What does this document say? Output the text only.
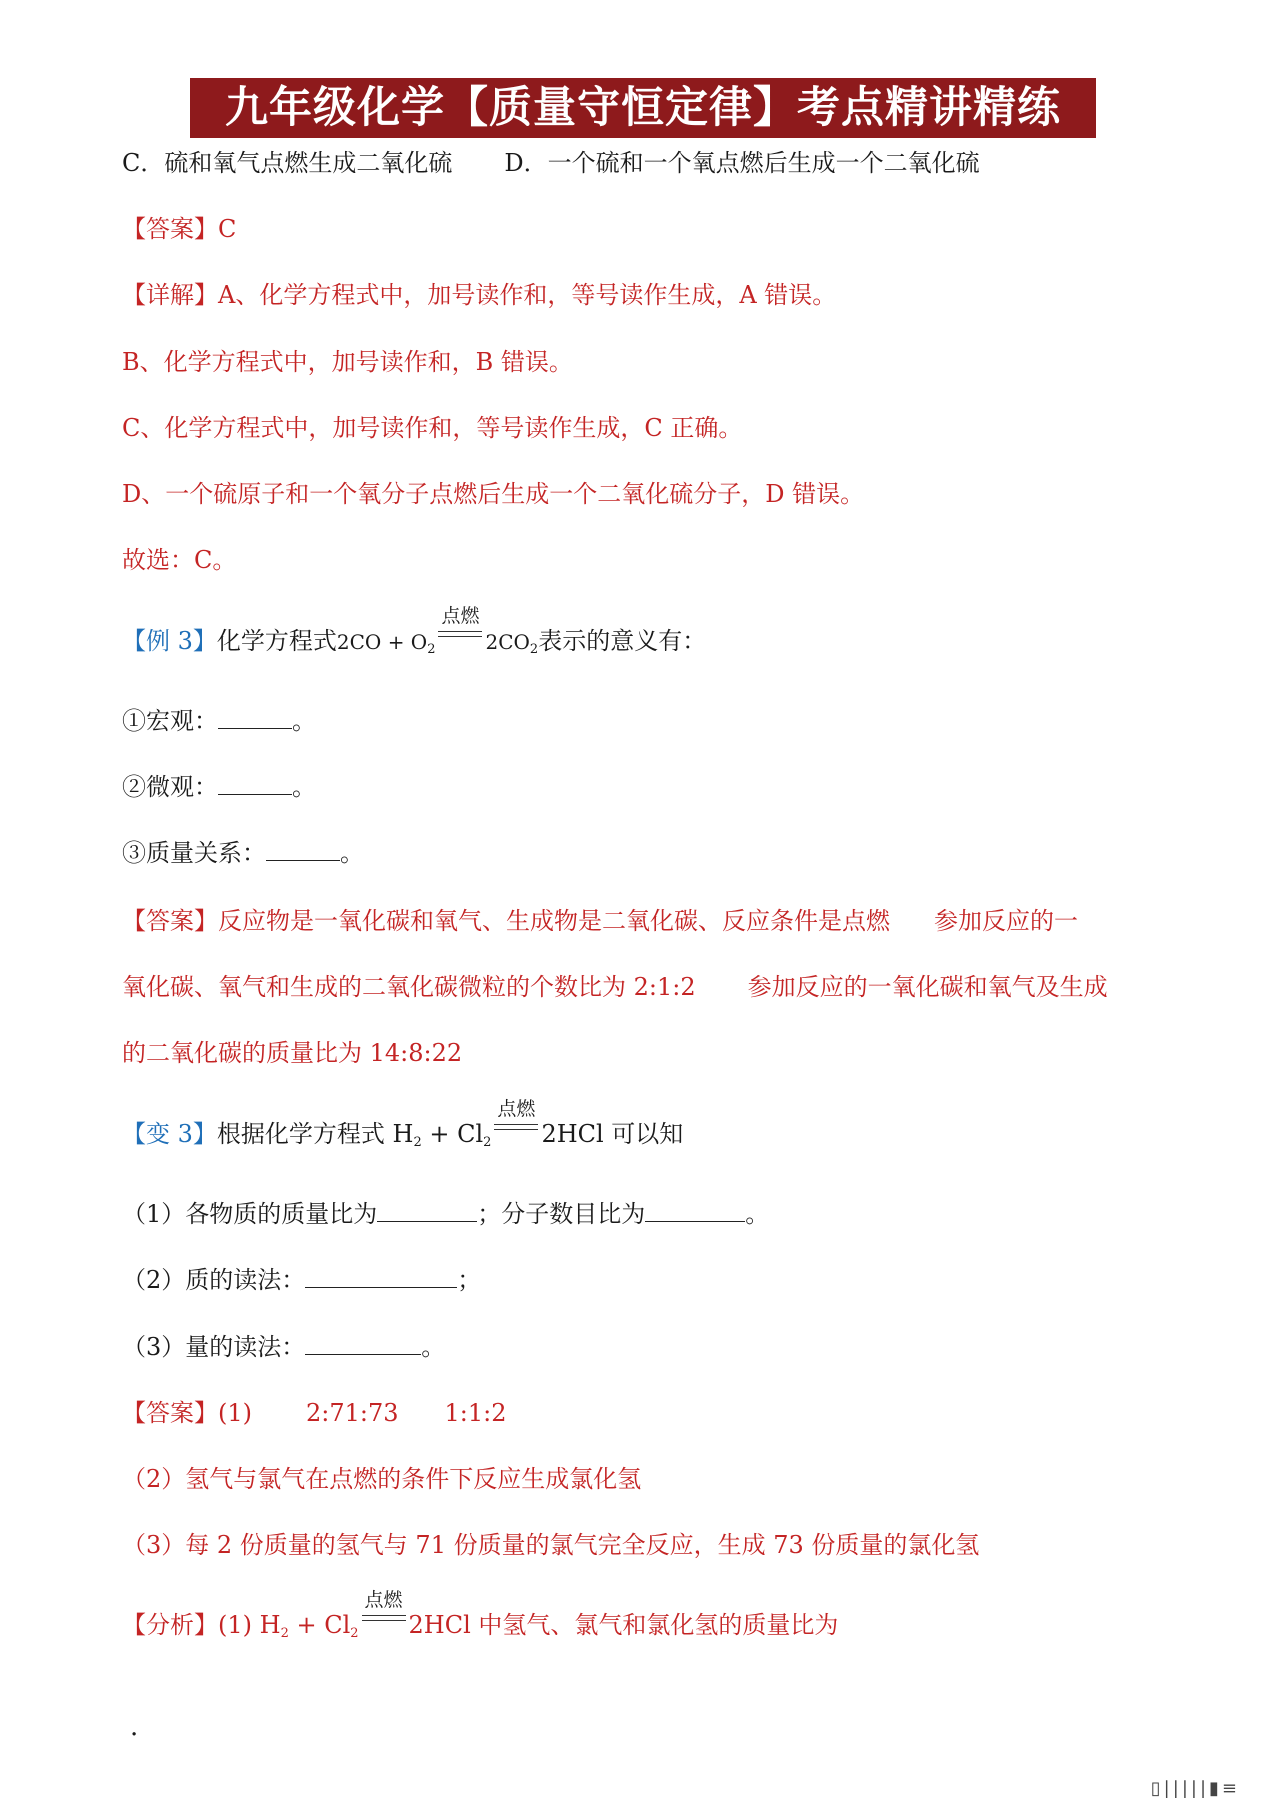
九年级化学【质量守恒定律】考点精讲精练
C．硫和氧气点燃生成二氧化硫 D．一个硫和一个氧点燃后生成一个二氧化硫
【答案】C
【详解】A、化学方程式中，加号读作和，等号读作生成，A 错误。
B、化学方程式中，加号读作和，B 错误。
C、化学方程式中，加号读作和，等号读作生成，C 正确。
D、一个硫原子和一个氧分子点燃后生成一个二氧化硫分子，D 错误。
故选：C。
【例 3】化学方程式$2CO + O_2$
点燃
$2CO_2$表示的意义有：
①宏观：	。
②微观：	。
③质量关系：	。
【答案】反应物是一氧化碳和氧气、生成物是二氧化碳、反应条件是点燃 参加反应的一
氧化碳、氧气和生成的二氧化碳微粒的个数比为 2:1:2 参加反应的一氧化碳和氧气及生成
的二氧化碳的质量比为 14:8:22
【变 3】根据化学方程式 $H_2 + Cl_2$
点燃
2HCl 可以知
（1）各物质的质量比为	；分子数目比为	。
（2）质的读法：	；
（3）量的读法：	。
【答案】(1) 2:71:73 1:1:2
（2）氢气与氯气在点燃的条件下反应生成氯化氢
（3）每 2 份质量的氢气与 71 份质量的氯气完全反应，生成 73 份质量的氯化氢
【分析】(1) $H_2 + Cl_2$
点燃
2HCl 中氢气、氯气和氯化氢的质量比为
·
▯|||||▮≡
